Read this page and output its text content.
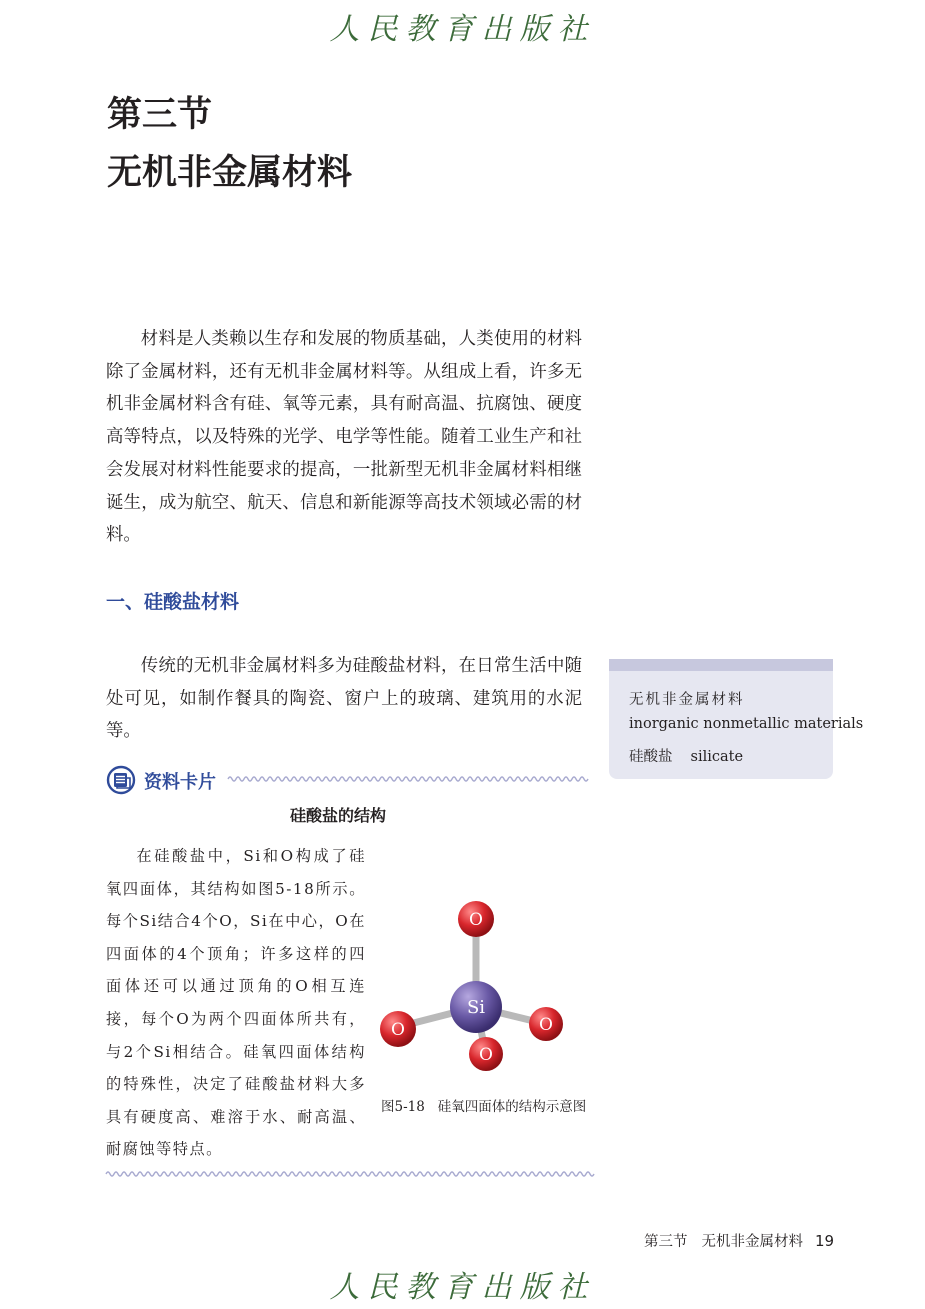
人民教育出版社
第三节
无机非金属材料

材料是人类赖以生存和发展的物质基础，人类使用的材料除了金属材料，还有无机非金属材料等。从组成上看，许多无机非金属材料含有硅、氧等元素，具有耐高温、抗腐蚀、硬度高等特点，以及特殊的光学、电学等性能。随着工业生产和社会发展对材料性能要求的提高，一批新型无机非金属材料相继诞生，成为航空、航天、信息和新能源等高技术领域必需的材料。

一、硅酸盐材料

传统的无机非金属材料多为硅酸盐材料，在日常生活中随处可见，如制作餐具的陶瓷、窗户上的玻璃、建筑用的水泥等。

无机非金属材料
inorganic nonmetallic materials
硅酸盐 silicate
资料卡片
硅酸盐的结构

在硅酸盐中，Si和O构成了硅氧四面体，其结构如图5-18所示。每个Si结合4个O，Si在中心，O在四面体的4个顶角；许多这样的四面体还可以通过顶角的O相互连接，每个O为两个四面体所共有，与2个Si相结合。硅氧四面体结构的特殊性，决定了硅酸盐材料大多具有硬度高、难溶于水、耐高温、耐腐蚀等特点。

O
Si
O	O
O
图5-18 硅氧四面体的结构示意图
第三节 无机非金属材料 19
人民教育出版社
